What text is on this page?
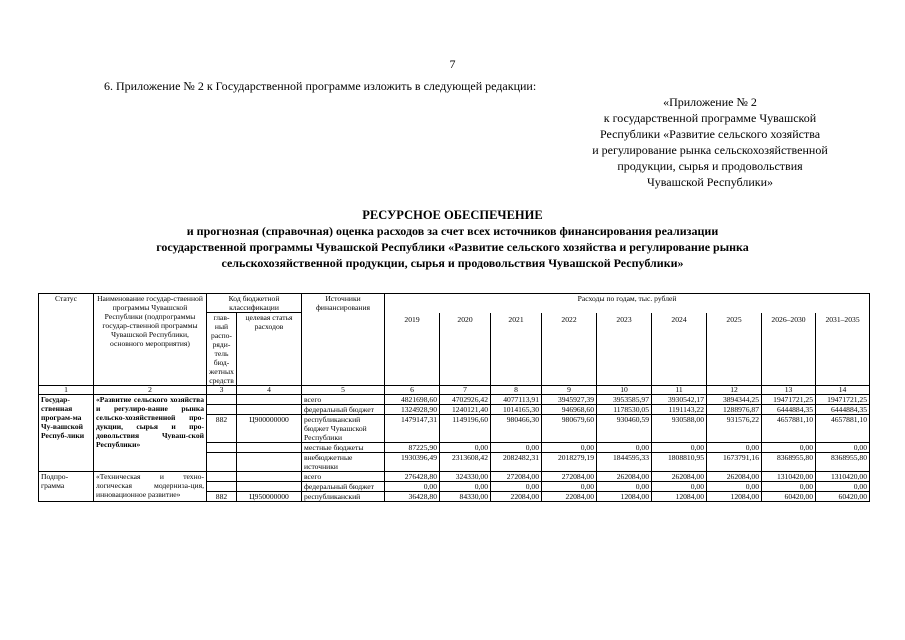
7
6. Приложение № 2 к Государственной программе изложить в следующей редакции:
«Приложение № 2
к государственной программе Чувашской
Республики «Развитие сельского хозяйства
и регулирование рынка сельскохозяйственной
продукции, сырья и продовольствия
Чувашской Республики»
РЕСУРСНОЕ ОБЕСПЕЧЕНИЕ
и прогнозная (справочная) оценка расходов за счет всех источников финансирования реализации
государственной программы Чувашской Республики «Развитие сельского хозяйства и регулирование рынка
сельскохозяйственной продукции, сырья и продовольствия Чувашской Республики»
Статус	Наименование государ-ственной программы Чувашской Республики (подпрограммы государ-ственной программы Чувашской Республики, основного мероприятия)	Код бюджетной классификации		Источники финансирования	Расходы по годам, тыс. рублей								
		глав-ный распо-ряди-тель бюд-жетных средств	целевая статья расходов		2019	2020	2021	2022	2023	2024	2025	2026–2030	2031–2035

1	2	3	4	5	6	7	8	9	10	11	12	13	14
Государ-ственная програм-ма Чу-вашской Респуб-лики	«Развитие сельского хозяйства и регулиро-вание рынка сельско-хозяйственной про-дукции, сырья и про-довольствия Чуваш-ской Республики»			всего	4821698,60	4702926,42	4077113,91	3945927,39	3953585,97	3930542,17	3894344,25	19471721,25	19471721,25
				федеральный бюджет	1324928,90	1240121,40	1014165,30	946968,60	1178530,05	1191143,22	1288976,87	6444884,35	6444884,35
		882	Ц900000000	республиканский бюджет Чувашской Республики	1479147,31	1149196,60	980466,30	980679,60	930460,59	930588,00	931576,22	4657881,10	4657881,10
				местные бюджеты	87225,90	0,00	0,00	0,00	0,00	0,00	0,00	0,00	0,00
				внебюджетные источники	1930396,49	2313608,42	2082482,31	2018279,19	1844595,33	1808810,95	1673791,16	8368955,80	8368955,80
Подпро-грамма	«Техническая и техно-логическая модерниза-ция, инновационное развитие»			всего	276428,80	324330,00	272084,00	272084,00	262084,00	262084,00	262084,00	1310420,00	1310420,00
				федеральный бюджет	0,00	0,00	0,00	0,00	0,00	0,00	0,00	0,00	0,00
		882	Ц950000000	республиканский	36428,80	84330,00	22084,00	22084,00	12084,00	12084,00	12084,00	60420,00	60420,00
